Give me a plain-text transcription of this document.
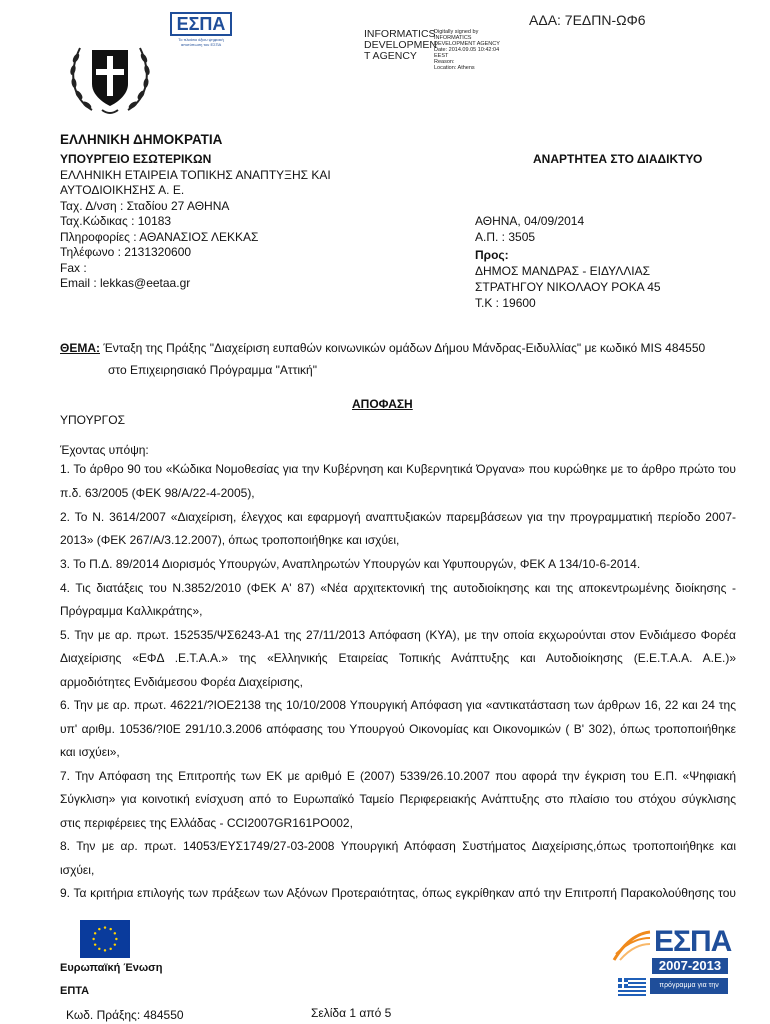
ΕΣΠΑ
Το πλαίσιο άξιου ψηφιακή αποτύπωση του ΕΣΠΑ
INFORMATICS DEVELOPMEN T AGENCY
Digitally signed by
INFORMATICS
DEVELOPMENT AGENCY
Date: 2014.09.05 10:42:04
EEST
Reason:
Location: Athens
ΑΔΑ: 7ΕΔΠΝ-ΩΦ6
ΕΛΛΗΝΙΚΗ ΔΗΜΟΚΡΑΤΙΑ
ΥΠΟΥΡΓΕΙΟ ΕΣΩΤΕΡΙΚΩΝ
ΕΛΛΗΝΙΚΗ ΕΤΑΙΡΕΙΑ ΤΟΠΙΚΗΣ ΑΝΑΠΤΥΞΗΣ ΚΑΙ
ΑΥΤΟΔΙΟΙΚΗΣΗΣ Α. Ε.
Ταχ. Δ/νση : Σταδίου 27 ΑΘΗΝΑ
Ταχ.Κώδικας : 10183
Πληροφορίες : ΑΘΑΝΑΣΙΟΣ ΛΕΚΚΑΣ
Τηλέφωνο : 2131320600
Fax :
Email : lekkas@eetaa.gr
ΑΝΑΡΤΗΤΕΑ ΣΤΟ ΔΙΑΔΙΚΤΥΟ
ΑΘΗΝΑ, 04/09/2014
Α.Π. : 3505
Προς:
ΔΗΜΟΣ ΜΑΝΔΡΑΣ - ΕΙΔΥΛΛΙΑΣ
ΣΤΡΑΤΗΓΟΥ ΝΙΚΟΛΑΟΥ ΡΟΚΑ 45
Τ.Κ : 19600
ΘΕΜΑ: Ένταξη της Πράξης "Διαχείριση ευπαθών κοινωνικών ομάδων Δήμου Μάνδρας-Ειδυλλίας" με κωδικό MIS 484550
στο Επιχειρησιακό Πρόγραμμα "Αττική"
ΑΠΟΦΑΣΗ
ΥΠΟΥΡΓΟΣ
Έχοντας υπόψη:
1. Το άρθρο 90 του «Κώδικα Νομοθεσίας για την Κυβέρνηση και Κυβερνητικά Όργανα» που κυρώθηκε με το άρθρο πρώτο του
π.δ. 63/2005 (ΦΕΚ 98/Α/22-4-2005),
2. Το Ν. 3614/2007 «Διαχείριση, έλεγχος και εφαρμογή αναπτυξιακών παρεμβάσεων για την προγραμματική περίοδο 2007-
2013» (ΦΕΚ 267/Α/3.12.2007), όπως τροποποιήθηκε και ισχύει,
3. Το Π.Δ. 89/2014 Διορισμός Υπουργών, Αναπληρωτών Υπουργών και Υφυπουργών, ΦΕΚ Α 134/10-6-2014.
4. Τις διατάξεις του Ν.3852/2010 (ΦΕΚ Α' 87) «Νέα αρχιτεκτονική της αυτοδιοίκησης και της αποκεντρωμένης διοίκησης -
Πρόγραμμα Καλλικράτης»,
5. Την με αρ. πρωτ. 152535/ΨΣ6243-Α1 της 27/11/2013 Απόφαση (ΚΥΑ), με την οποία εκχωρούνται στον Ενδιάμεσο Φορέα
Διαχείρισης «ΕΦΔ .Ε.Τ.Α.Α.» της «Ελληνικής Εταιρείας Τοπικής Ανάπτυξης και Αυτοδιοίκησης (Ε.Ε.Τ.Α.Α. Α.Ε.)»
αρμοδιότητες Ενδιάμεσου Φορέα Διαχείρισης,
6. Την με αρ. πρωτ. 46221/?ΙΟΕ2138 της 10/10/2008 Υπουργική Απόφαση για «αντικατάσταση των άρθρων 16, 22 και 24 της
υπ' αριθμ. 10536/?Ι0Ε 291/10.3.2006 απόφασης του Υπουργού Οικονομίας και Οικονομικών ( Β' 302), όπως τροποποιήθηκε
και ισχύει»,
7. Την Απόφαση της Επιτροπής των ΕΚ με αριθμό Ε (2007) 5339/26.10.2007 που αφορά την έγκριση του Ε.Π. «Ψηφιακή
Σύγκλιση» για κοινοτική ενίσχυση από το Ευρωπαϊκό Ταμείο Περιφερειακής Ανάπτυξης στο πλαίσιο του στόχου σύγκλισης
στις περιφέρειες της Ελλάδας - CCI2007GR161PO002,
8. Την με αρ. πρωτ. 14053/ΕΥΣ1749/27-03-2008 Υπουργική Απόφαση Συστήματος Διαχείρισης,όπως τροποποιήθηκε και
ισχύει,
9. Τα κριτήρια επιλογής των πράξεων των Αξόνων Προτεραιότητας, όπως εγκρίθηκαν από την Επιτροπή Παρακολούθησης του
Ευρωπαϊκή Ένωση
ΕΠΤΑ
Κωδ. Πράξης: 484550	Σελίδα 1 από 5
ΕΣΠΑ
2007-2013
πρόγραμμα για την ανάπτυξη
